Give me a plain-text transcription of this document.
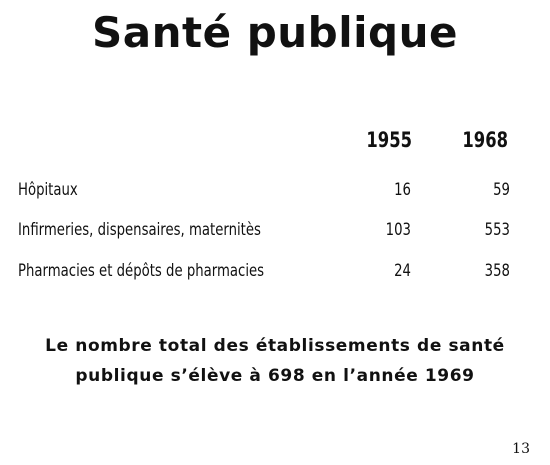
Santé publique
1955	1968
Hôpitaux	16	59
Infirmeries, dispensaires, maternitès	103	553
Pharmacies et dépôts de pharmacies	24	358

Le nombre total des établissements de santé

publique s’élève à 698 en l’année 1969

13
